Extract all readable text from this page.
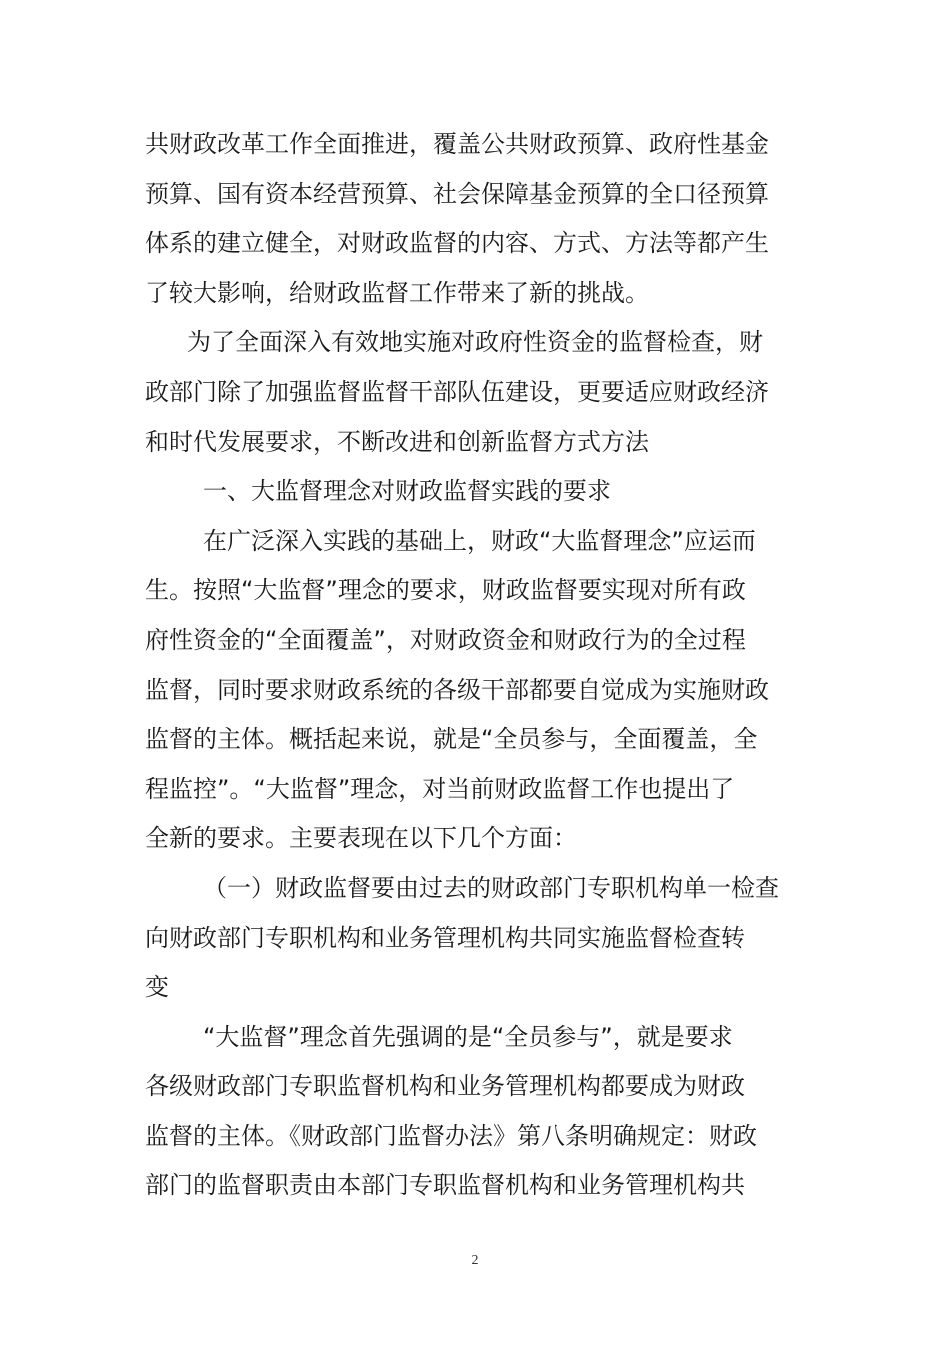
共财政改革工作全面推进，覆盖公共财政预算、政府性基金
预算、国有资本经营预算、社会保障基金预算的全口径预算
体系的建立健全，对财政监督的内容、方式、方法等都产生
了较大影响，给财政监督工作带来了新的挑战。
为了全面深入有效地实施对政府性资金的监督检查，财
政部门除了加强监督监督干部队伍建设，更要适应财政经济
和时代发展要求，不断改进和创新监督方式方法
一、大监督理念对财政监督实践的要求
在广泛深入实践的基础上，财政“大监督理念”应运而
生。按照“大监督”理念的要求，财政监督要实现对所有政
府性资金的“全面覆盖”，对财政资金和财政行为的全过程
监督，同时要求财政系统的各级干部都要自觉成为实施财政
监督的主体。概括起来说，就是“全员参与，全面覆盖，全
程监控”。“大监督”理念，对当前财政监督工作也提出了
全新的要求。主要表现在以下几个方面：
（一）财政监督要由过去的财政部门专职机构单一检查
向财政部门专职机构和业务管理机构共同实施监督检查转
变
“大监督”理念首先强调的是“全员参与”，就是要求
各级财政部门专职监督机构和业务管理机构都要成为财政
监督的主体。《财政部门监督办法》第八条明确规定：财政
部门的监督职责由本部门专职监督机构和业务管理机构共
2
